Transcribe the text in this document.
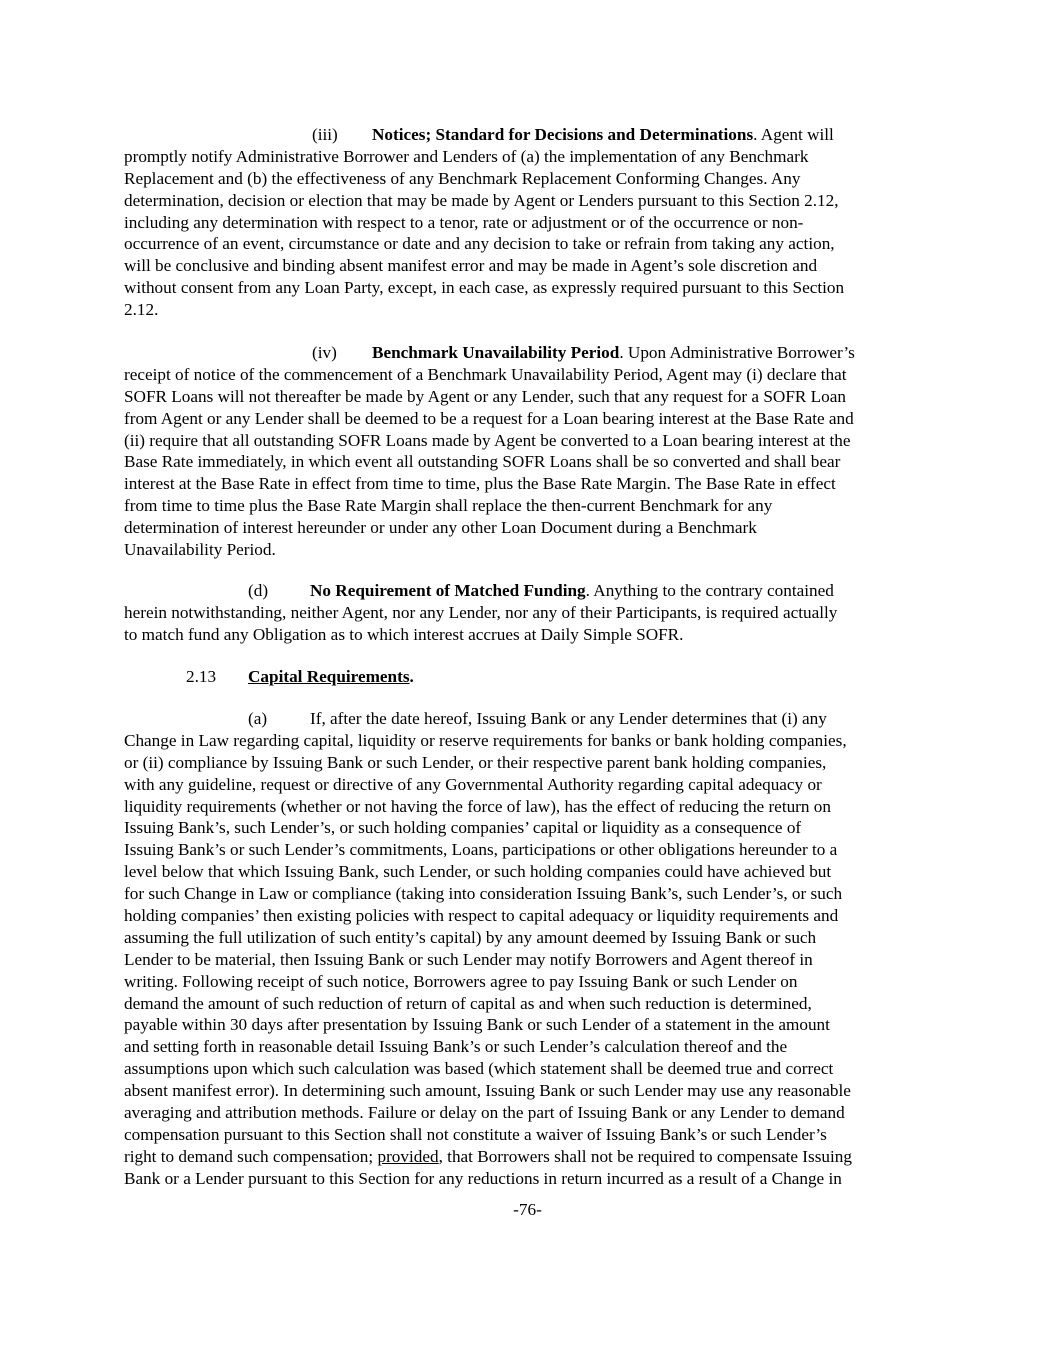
(iii) Notices; Standard for Decisions and Determinations. Agent will
promptly notify Administrative Borrower and Lenders of (a) the implementation of any Benchmark
Replacement and (b) the effectiveness of any Benchmark Replacement Conforming Changes. Any
determination, decision or election that may be made by Agent or Lenders pursuant to this Section 2.12,
including any determination with respect to a tenor, rate or adjustment or of the occurrence or non-
occurrence of an event, circumstance or date and any decision to take or refrain from taking any action,
will be conclusive and binding absent manifest error and may be made in Agent’s sole discretion and
without consent from any Loan Party, except, in each case, as expressly required pursuant to this Section
2.12.
(iv) Benchmark Unavailability Period. Upon Administrative Borrower’s
receipt of notice of the commencement of a Benchmark Unavailability Period, Agent may (i) declare that
SOFR Loans will not thereafter be made by Agent or any Lender, such that any request for a SOFR Loan
from Agent or any Lender shall be deemed to be a request for a Loan bearing interest at the Base Rate and
(ii) require that all outstanding SOFR Loans made by Agent be converted to a Loan bearing interest at the
Base Rate immediately, in which event all outstanding SOFR Loans shall be so converted and shall bear
interest at the Base Rate in effect from time to time, plus the Base Rate Margin. The Base Rate in effect
from time to time plus the Base Rate Margin shall replace the then-current Benchmark for any
determination of interest hereunder or under any other Loan Document during a Benchmark
Unavailability Period.
(d) No Requirement of Matched Funding. Anything to the contrary contained
herein notwithstanding, neither Agent, nor any Lender, nor any of their Participants, is required actually
to match fund any Obligation as to which interest accrues at Daily Simple SOFR.
2.13 Capital Requirements.
(a) If, after the date hereof, Issuing Bank or any Lender determines that (i) any
Change in Law regarding capital, liquidity or reserve requirements for banks or bank holding companies,
or (ii) compliance by Issuing Bank or such Lender, or their respective parent bank holding companies,
with any guideline, request or directive of any Governmental Authority regarding capital adequacy or
liquidity requirements (whether or not having the force of law), has the effect of reducing the return on
Issuing Bank’s, such Lender’s, or such holding companies’ capital or liquidity as a consequence of
Issuing Bank’s or such Lender’s commitments, Loans, participations or other obligations hereunder to a
level below that which Issuing Bank, such Lender, or such holding companies could have achieved but
for such Change in Law or compliance (taking into consideration Issuing Bank’s, such Lender’s, or such
holding companies’ then existing policies with respect to capital adequacy or liquidity requirements and
assuming the full utilization of such entity’s capital) by any amount deemed by Issuing Bank or such
Lender to be material, then Issuing Bank or such Lender may notify Borrowers and Agent thereof in
writing. Following receipt of such notice, Borrowers agree to pay Issuing Bank or such Lender on
demand the amount of such reduction of return of capital as and when such reduction is determined,
payable within 30 days after presentation by Issuing Bank or such Lender of a statement in the amount
and setting forth in reasonable detail Issuing Bank’s or such Lender’s calculation thereof and the
assumptions upon which such calculation was based (which statement shall be deemed true and correct
absent manifest error). In determining such amount, Issuing Bank or such Lender may use any reasonable
averaging and attribution methods. Failure or delay on the part of Issuing Bank or any Lender to demand
compensation pursuant to this Section shall not constitute a waiver of Issuing Bank’s or such Lender’s
right to demand such compensation; provided, that Borrowers shall not be required to compensate Issuing
Bank or a Lender pursuant to this Section for any reductions in return incurred as a result of a Change in
-76-
